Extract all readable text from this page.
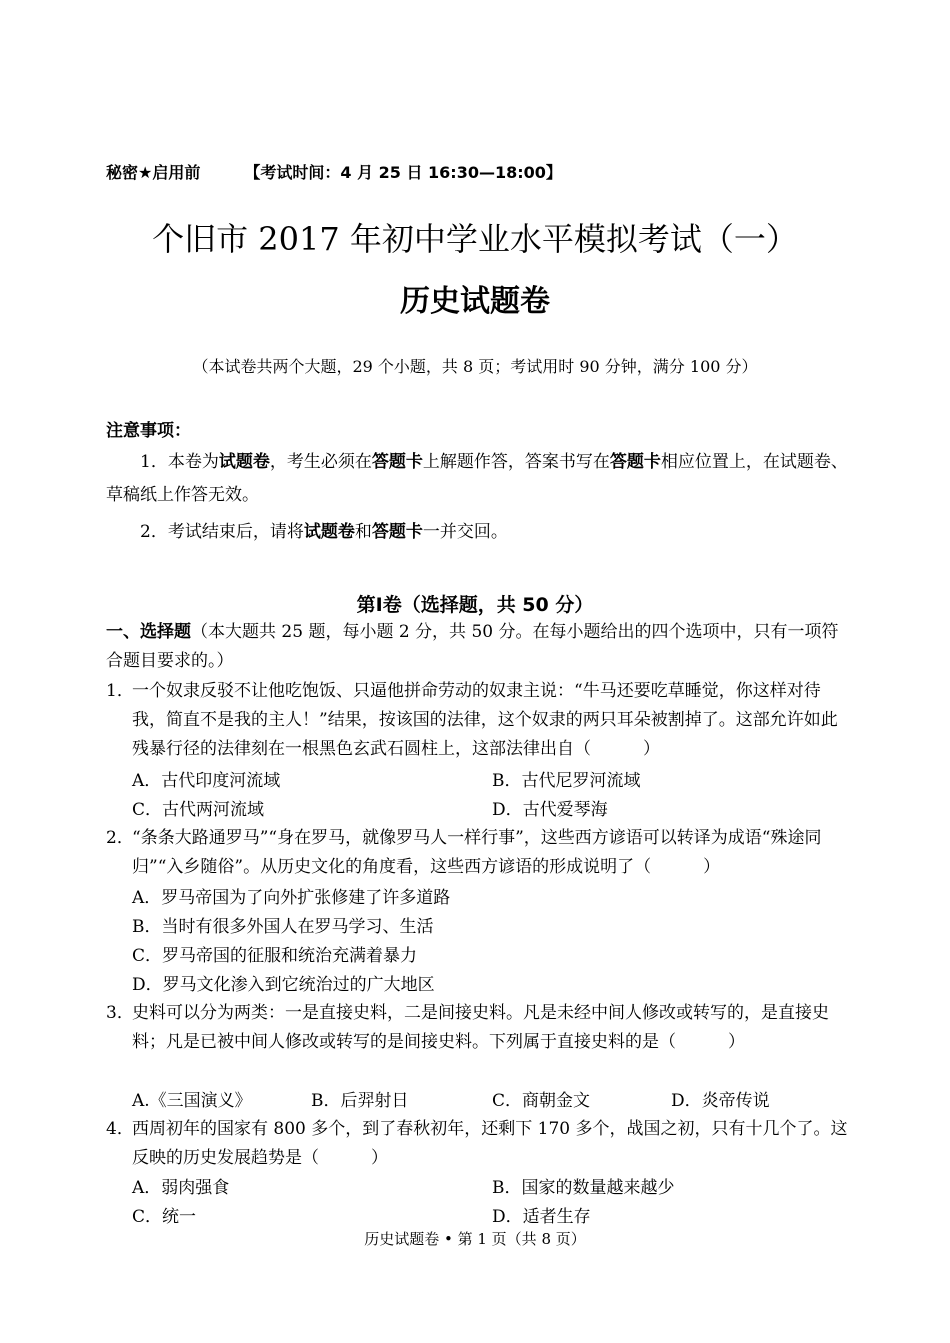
秘密★启用前	【考试时间：4 月 25 日 16:30—18:00】
个旧市 2017 年初中学业水平模拟考试（一）
历史试题卷
（本试卷共两个大题，29 个小题，共 8 页；考试用时 90 分钟，满分 100 分）
注意事项：
1．本卷为试题卷，考生必须在答题卡上解题作答，答案书写在答题卡相应位置上，在试题卷、草稿纸上作答无效。
2．考试结束后，请将试题卷和答题卡一并交回。
第Ⅰ卷（选择题，共 50 分）
一、选择题（本大题共 25 题，每小题 2 分，共 50 分。在每小题给出的四个选项中，只有一项符合题目要求的。）
1．
一个奴隶反驳不让他吃饱饭、只逼他拼命劳动的奴隶主说：“牛马还要吃草睡觉，你这样对待我，简直不是我的主人！”结果，按该国的法律，这个奴隶的两只耳朵被割掉了。这部允许如此残暴行径的法律刻在一根黑色玄武石圆柱上，这部法律出自（	）
A．古代印度河流域	B．古代尼罗河流域
C．古代两河流域	D．古代爱琴海
2．
“条条大路通罗马”“身在罗马，就像罗马人一样行事”，这些西方谚语可以转译为成语“殊途同归”“入乡随俗”。从历史文化的角度看，这些西方谚语的形成说明了（	）
A．罗马帝国为了向外扩张修建了许多道路
B．当时有很多外国人在罗马学习、生活
C．罗马帝国的征服和统治充满着暴力
D．罗马文化渗入到它统治过的广大地区
3．
史料可以分为两类：一是直接史料，二是间接史料。凡是未经中间人修改或转写的，是直接史料；凡是已被中间人修改或转写的是间接史料。下列属于直接史料的是（	）
A.《三国演义》	B．后羿射日	C．商朝金文	D．炎帝传说
4．
西周初年的国家有 800 多个，到了春秋初年，还剩下 170 多个，战国之初，只有十几个了。这反映的历史发展趋势是（	）
A．弱肉强食	B．国家的数量越来越少
C．统一	D．适者生存
历史试题卷 • 第 1 页（共 8 页）
